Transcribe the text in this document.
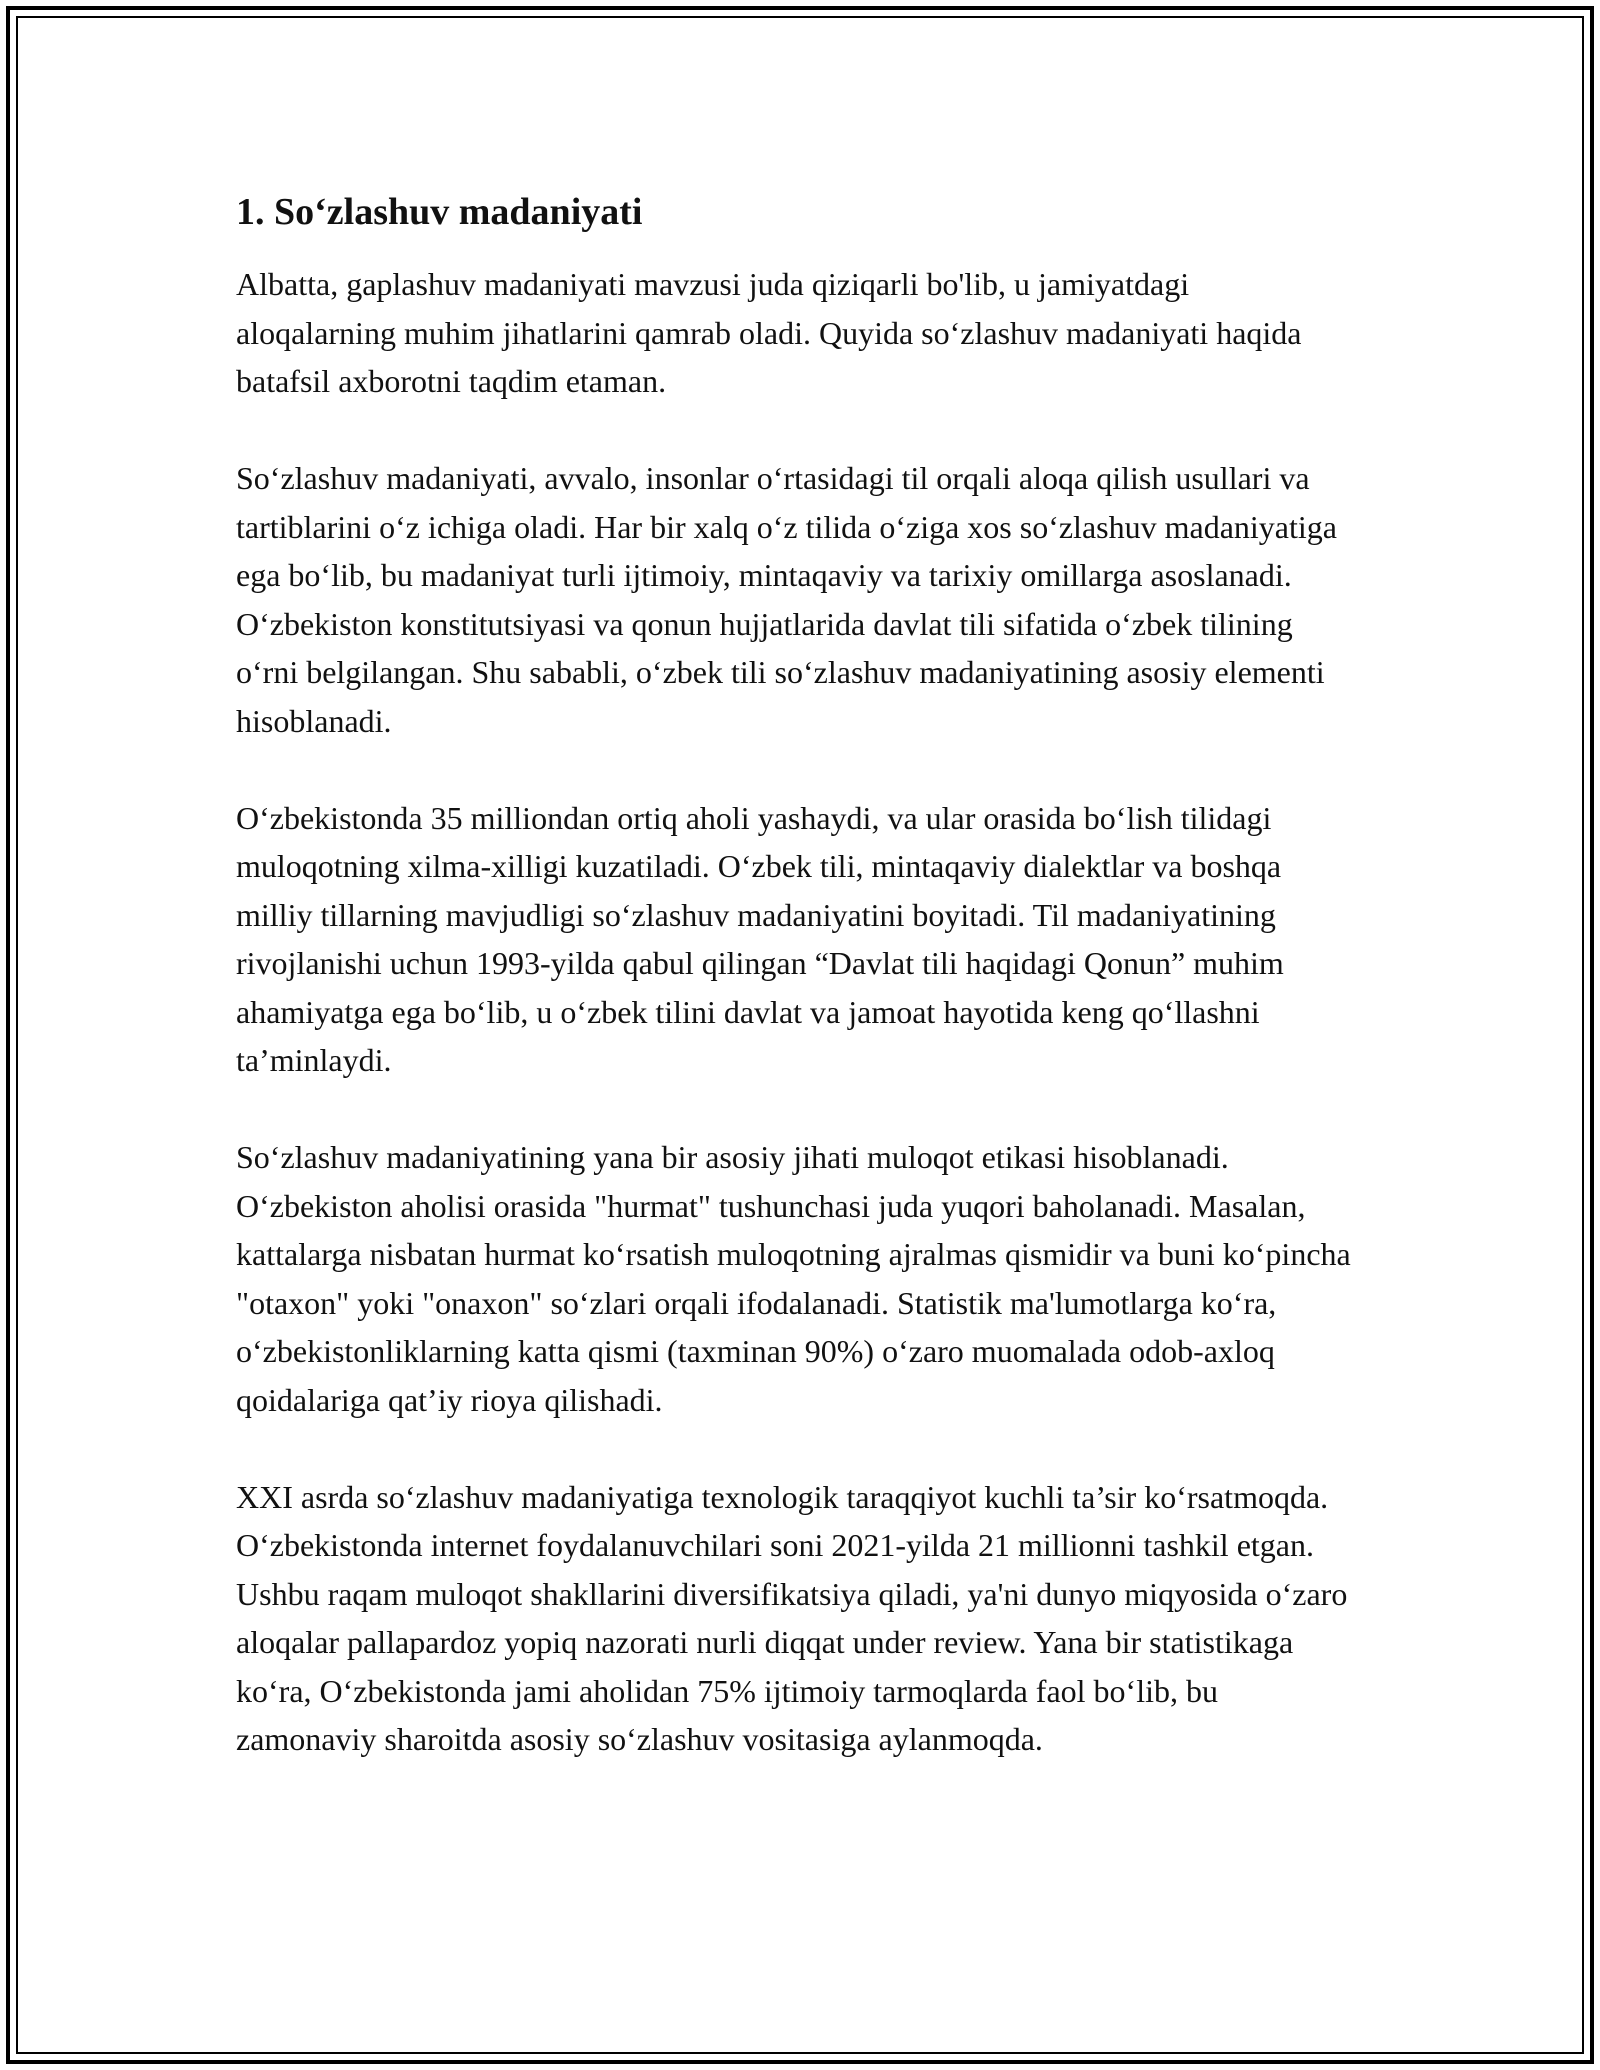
1. So‘zlashuv madaniyati

Albatta, gaplashuv madaniyati mavzusi juda qiziqarli bo'lib, u jamiyatdagi aloqalarning muhim jihatlarini qamrab oladi. Quyida so‘zlashuv madaniyati haqida batafsil axborotni taqdim etaman.

So‘zlashuv madaniyati, avvalo, insonlar o‘rtasidagi til orqali aloqa qilish usullari va tartiblarini o‘z ichiga oladi. Har bir xalq o‘z tilida o‘ziga xos so‘zlashuv madaniyatiga ega bo‘lib, bu madaniyat turli ijtimoiy, mintaqaviy va tarixiy omillarga asoslanadi. O‘zbekiston konstitutsiyasi va qonun hujjatlarida davlat tili sifatida o‘zbek tilining o‘rni belgilangan. Shu sababli, o‘zbek tili so‘zlashuv madaniyatining asosiy elementi hisoblanadi.

O‘zbekistonda 35 milliondan ortiq aholi yashaydi, va ular orasida bo‘lish tilidagi muloqotning xilma-xilligi kuzatiladi. O‘zbek tili, mintaqaviy dialektlar va boshqa milliy tillarning mavjudligi so‘zlashuv madaniyatini boyitadi. Til madaniyatining rivojlanishi uchun 1993-yilda qabul qilingan “Davlat tili haqidagi Qonun” muhim ahamiyatga ega bo‘lib, u o‘zbek tilini davlat va jamoat hayotida keng qo‘llashni ta’minlaydi.

So‘zlashuv madaniyatining yana bir asosiy jihati muloqot etikasi hisoblanadi. O‘zbekiston aholisi orasida "hurmat" tushunchasi juda yuqori baholanadi. Masalan, kattalarga nisbatan hurmat ko‘rsatish muloqotning ajralmas qismidir va buni ko‘pincha "otaxon" yoki "onaxon" so‘zlari orqali ifodalanadi. Statistik ma'lumotlarga ko‘ra, o‘zbekistonliklarning katta qismi (taxminan 90%) o‘zaro muomalada odob-axloq qoidalariga qat’iy rioya qilishadi.

XXI asrda so‘zlashuv madaniyatiga texnologik taraqqiyot kuchli ta’sir ko‘rsatmoqda. O‘zbekistonda internet foydalanuvchilari soni 2021-yilda 21 millionni tashkil etgan. Ushbu raqam muloqot shakllarini diversifikatsiya qiladi, ya'ni dunyo miqyosida o‘zaro aloqalar pallapardoz yopiq nazorati nurli diqqat under review. Yana bir statistikaga ko‘ra, O‘zbekistonda jami aholidan 75% ijtimoiy tarmoqlarda faol bo‘lib, bu zamonaviy sharoitda asosiy so‘zlashuv vositasiga aylanmoqda.
